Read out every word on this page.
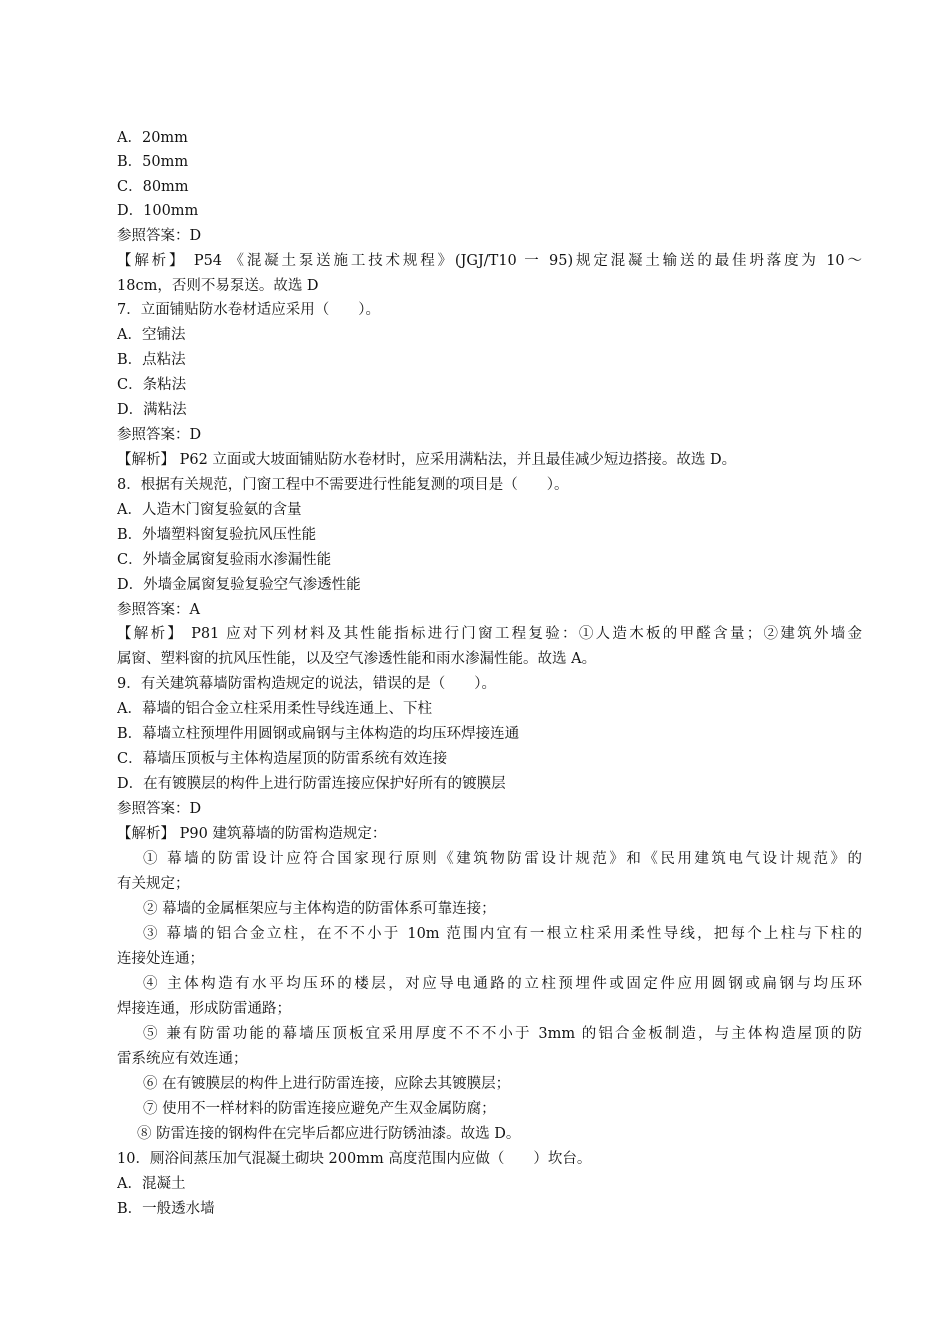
A．20mm
B．50mm
C．80mm
D．100mm
参照答案：D
【解析】 P54 《混凝土泵送施工技术规程》(JGJ/T10 一 95)规定混凝土输送的最佳坍落度为 10～
18cm，否则不易泵送。故选 D
7．立面铺贴防水卷材适应采用（　　）。
A．空铺法
B．点粘法
C．条粘法
D．满粘法
参照答案：D
【解析】 P62 立面或大坡面铺贴防水卷材时，应采用满粘法，并且最佳减少短边搭接。故选 D。
8．根据有关规范，门窗工程中不需要进行性能复测的项目是（　　）。
A．人造木门窗复验氨的含量
B．外墙塑料窗复验抗风压性能
C．外墙金属窗复验雨水渗漏性能
D．外墙金属窗复验复验空气渗透性能
参照答案：A
【解析】 P81 应对下列材料及其性能指标进行门窗工程复验：①人造木板的甲醛含量；②建筑外墙金
属窗、塑料窗的抗风压性能，以及空气渗透性能和雨水渗漏性能。故选 A。
9．有关建筑幕墙防雷构造规定的说法，错误的是（　　）。
A．幕墙的铝合金立柱采用柔性导线连通上、下柱
B．幕墙立柱预埋件用圆钢或扁钢与主体构造的均压环焊接连通
C．幕墙压顶板与主体构造屋顶的防雷系统有效连接
D．在有镀膜层的构件上进行防雷连接应保护好所有的镀膜层
参照答案：D
【解析】 P90 建筑幕墙的防雷构造规定：
① 幕墙的防雷设计应符合国家现行原则《建筑物防雷设计规范》和《民用建筑电气设计规范》的
有关规定；
② 幕墙的金属框架应与主体构造的防雷体系可靠连接；
③ 幕墙的铝合金立柱，在不不小于 10m 范围内宜有一根立柱采用柔性导线，把每个上柱与下柱的
连接处连通；
④ 主体构造有水平均压环的楼层，对应导电通路的立柱预埋件或固定件应用圆钢或扁钢与均压环
焊接连通，形成防雷通路；
⑤ 兼有防雷功能的幕墙压顶板宜采用厚度不不不小于 3mm 的铝合金板制造，与主体构造屋顶的防
雷系统应有效连通；
⑥ 在有镀膜层的构件上进行防雷连接，应除去其镀膜层；
⑦ 使用不一样材料的防雷连接应避免产生双金属防腐；
⑧ 防雷连接的钢构件在完毕后都应进行防锈油漆。故选 D。
10．厕浴间蒸压加气混凝土砌块 200mm 高度范围内应做（　　）坎台。
A．混凝土
B．一般透水墙
